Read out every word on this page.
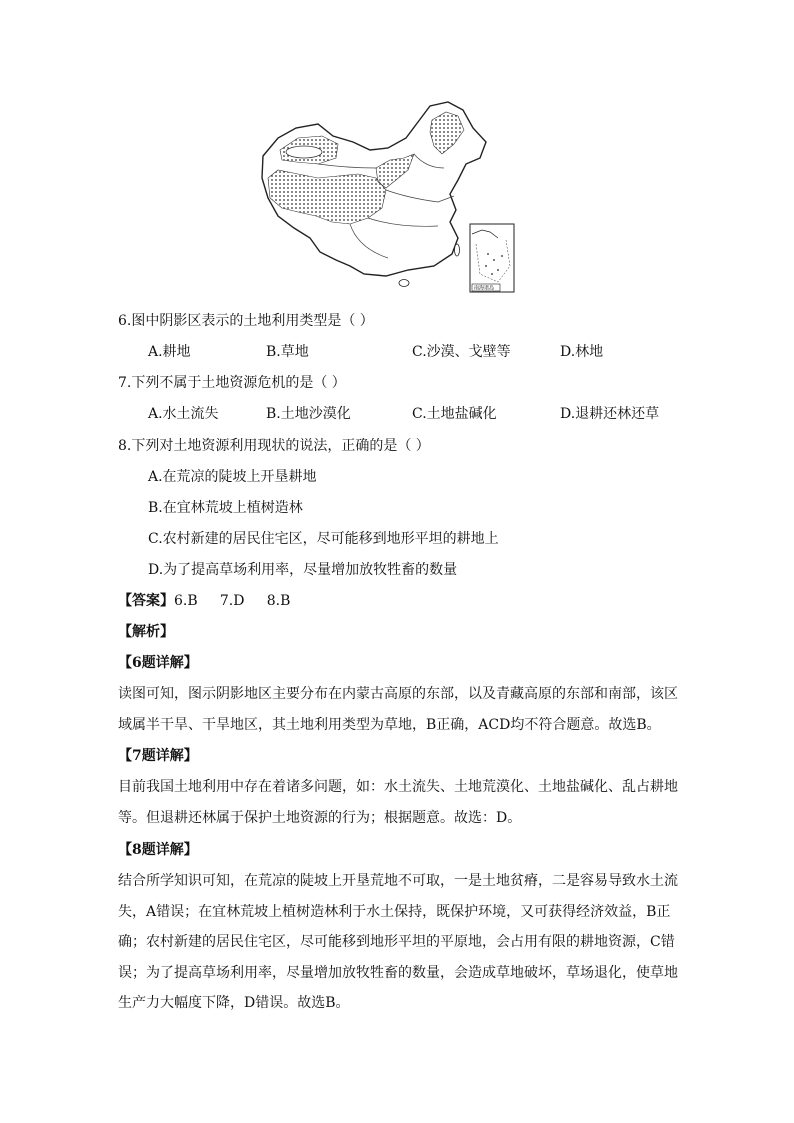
南海诸岛
6.图中阴影区表示的土地利用类型是（ ）
A.耕地	B.草地	C.沙漠、戈壁等	D.林地
7.下列不属于土地资源危机的是（ ）
A.水土流失	B.土地沙漠化	C.土地盐碱化	D.退耕还林还草
8.下列对土地资源利用现状的说法，正确的是（ ）
A.在荒凉的陡坡上开垦耕地
B.在宜林荒坡上植树造林
C.农村新建的居民住宅区，尽可能移到地形平坦的耕地上
D.为了提高草场利用率，尽量增加放牧牲畜的数量
【答案】6.B     7.D     8.B
【解析】
【6题详解】
读图可知，图示阴影地区主要分布在内蒙古高原的东部，以及青藏高原的东部和南部，该区域属半干旱、干旱地区，其土地利用类型为草地，B正确，ACD均不符合题意。故选B。
【7题详解】
目前我国土地利用中存在着诸多问题，如：水土流失、土地荒漠化、土地盐碱化、乱占耕地等。但退耕还林属于保护土地资源的行为；根据题意。故选：D。
【8题详解】
结合所学知识可知，在荒凉的陡坡上开垦荒地不可取，一是土地贫瘠，二是容易导致水土流失，A错误；在宜林荒坡上植树造林利于水土保持，既保护环境，又可获得经济效益，B正确；农村新建的居民住宅区，尽可能移到地形平坦的平原地，会占用有限的耕地资源，C错误；为了提高草场利用率，尽量增加放牧牲畜的数量，会造成草地破坏，草场退化，使草地生产力大幅度下降，D错误。故选B。
